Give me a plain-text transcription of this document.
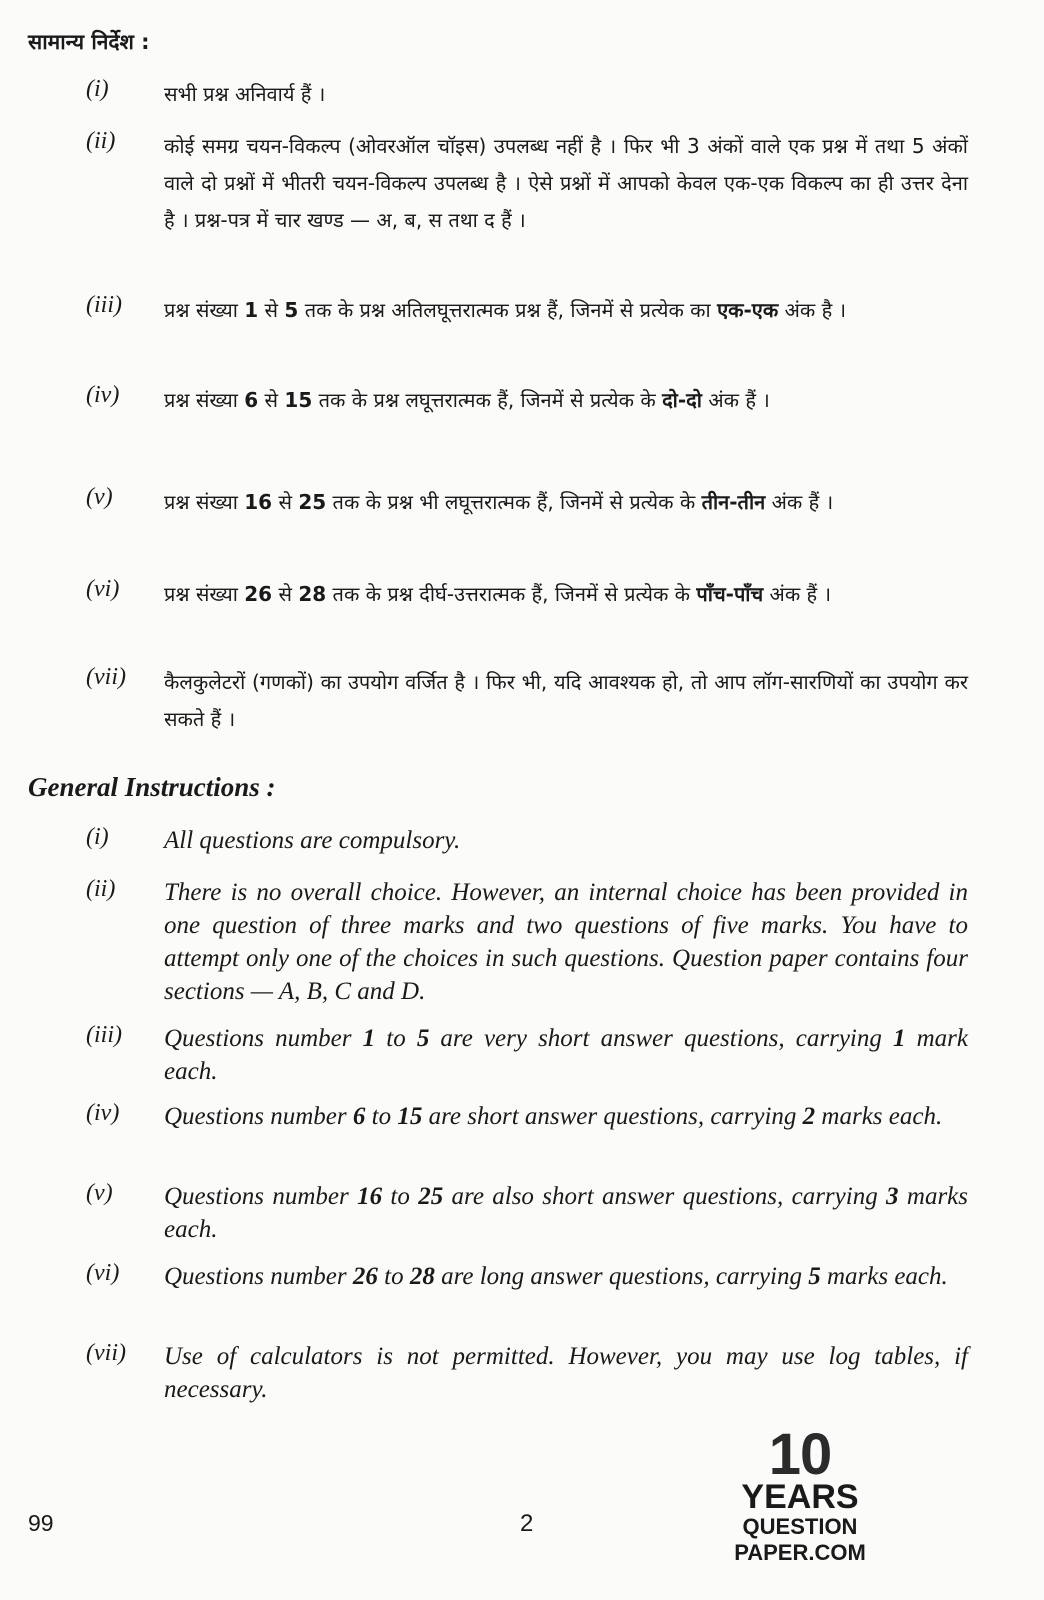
सामान्य निर्देश :
(i)	सभी प्रश्न अनिवार्य हैं ।
(ii) कोई समग्र चयन-विकल्प (ओवरऑल चॉइस) उपलब्ध नहीं है । फिर भी 3 अंकों वाले एक प्रश्न में तथा 5 अंकों वाले दो प्रश्नों में भीतरी चयन-विकल्प उपलब्ध है । ऐसे प्रश्नों में आपको केवल एक-एक विकल्प का ही उत्तर देना है । प्रश्न-पत्र में चार खण्ड — अ, ब, स तथा द हैं ।
(iii) प्रश्न संख्या 1 से 5 तक के प्रश्न अतिलघूत्तरात्मक प्रश्न हैं, जिनमें से प्रत्येक का एक-एक अंक है ।
(iv) प्रश्न संख्या 6 से 15 तक के प्रश्न लघूत्तरात्मक हैं, जिनमें से प्रत्येक के दो-दो अंक हैं ।
(v)	प्रश्न संख्या 16 से 25 तक के प्रश्न भी लघूत्तरात्मक हैं, जिनमें से प्रत्येक के तीन-तीन अंक हैं ।
(vi) प्रश्न संख्या 26 से 28 तक के प्रश्न दीर्घ-उत्तरात्मक हैं, जिनमें से प्रत्येक के पाँच-पाँच अंक हैं ।
(vii) कैलकुलेटरों (गणकों) का उपयोग वर्जित है । फिर भी, यदि आवश्यक हो, तो आप लॉग-सारणियों का उपयोग कर सकते हैं ।
General Instructions :
(i) All questions are compulsory.
(ii) There is no overall choice. However, an internal choice has been provided in one question of three marks and two questions of five marks. You have to attempt only one of the choices in such questions. Question paper contains four sections — A, B, C and D.
(iii) Questions number 1 to 5 are very short answer questions, carrying 1 mark each.
(iv) Questions number 6 to 15 are short answer questions, carrying 2 marks each.
(v) Questions number 16 to 25 are also short answer questions, carrying 3 marks each.
(vi) Questions number 26 to 28 are long answer questions, carrying 5 marks each.
(vii) Use of calculators is not permitted. However, you may use log tables, if necessary.
99	2
10
YEARS
QUESTION PAPER.COM
